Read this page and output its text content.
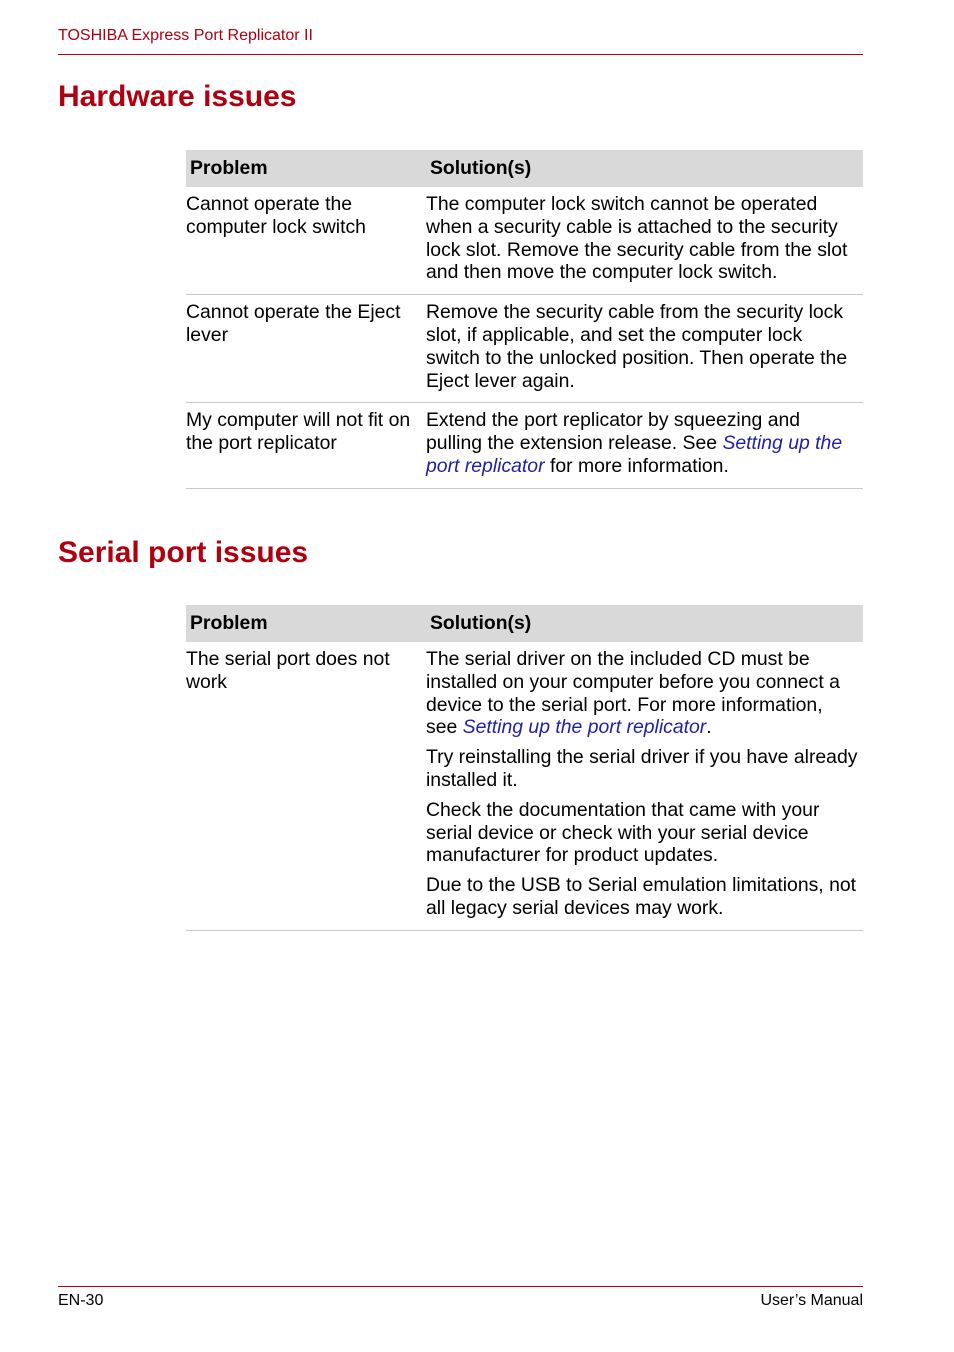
TOSHIBA Express Port Replicator II
Hardware issues
Problem	Solution(s)
Cannot operate the computer lock switch	The computer lock switch cannot be operated when a security cable is attached to the security lock slot. Remove the security cable from the slot and then move the computer lock switch.
Cannot operate the Eject lever	Remove the security cable from the security lock slot, if applicable, and set the computer lock switch to the unlocked position. Then operate the Eject lever again.
My computer will not fit on the port replicator	Extend the port replicator by squeezing and pulling the extension release. See Setting up the port replicator for more information.
Serial port issues
Problem	Solution(s)
The serial port does not work	The serial driver on the included CD must be installed on your computer before you connect a device to the serial port. For more information, see Setting up the port replicator.

Try reinstalling the serial driver if you have already installed it.

Check the documentation that came with your serial device or check with your serial device manufacturer for product updates.

Due to the USB to Serial emulation limitations, not all legacy serial devices may work.

EN-30	User’s Manual
